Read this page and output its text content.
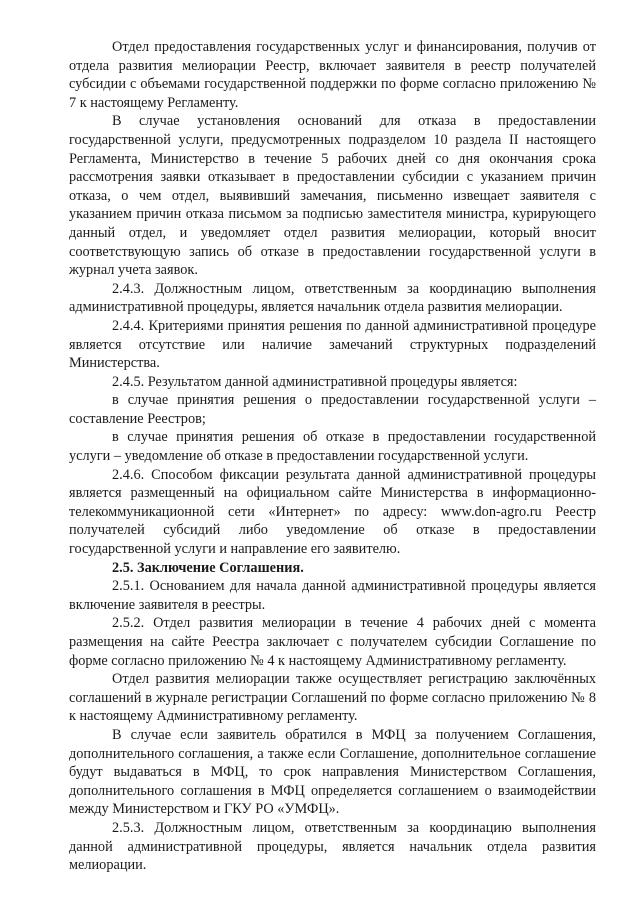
Отдел предоставления государственных услуг и финансирования, получив от отдела развития мелиорации Реестр, включает заявителя в реестр получателей субсидии с объемами государственной поддержки по форме согласно приложению № 7 к настоящему Регламенту.

В случае установления оснований для отказа в предоставлении государственной услуги, предусмотренных подразделом 10 раздела II настоящего Регламента, Министерство в течение 5 рабочих дней со дня окончания срока рассмотрения заявки отказывает в предоставлении субсидии с указанием причин отказа, о чем отдел, выявивший замечания, письменно извещает заявителя с указанием причин отказа письмом за подписью заместителя министра, курирующего данный отдел, и уведомляет отдел развития мелиорации, который вносит соответствующую запись об отказе в предоставлении государственной услуги в журнал учета заявок.

2.4.3. Должностным лицом, ответственным за координацию выполнения административной процедуры, является начальник отдела развития мелиорации.

2.4.4. Критериями принятия решения по данной административной процедуре является отсутствие или наличие замечаний структурных подразделений Министерства.

2.4.5. Результатом данной административной процедуры является:

в случае принятия решения о предоставлении государственной услуги – составление Реестров;

в случае принятия решения об отказе в предоставлении государственной услуги – уведомление об отказе в предоставлении государственной услуги.

2.4.6. Способом фиксации результата данной административной процедуры является размещенный на официальном сайте Министерства в информационно-телекоммуникационной сети «Интернет» по адресу: www.don-agro.ru Реестр получателей субсидий либо уведомление об отказе в предоставлении государственной услуги и направление его заявителю.

2.5. Заключение Соглашения.

2.5.1. Основанием для начала данной административной процедуры является включение заявителя в реестры.

2.5.2. Отдел развития мелиорации в течение 4 рабочих дней с момента размещения на сайте Реестра заключает с получателем субсидии Соглашение по форме согласно приложению № 4 к настоящему Административному регламенту.

Отдел развития мелиорации также осуществляет регистрацию заключённых соглашений в журнале регистрации Соглашений по форме согласно приложению № 8 к настоящему Административному регламенту.

В случае если заявитель обратился в МФЦ за получением Соглашения, дополнительного соглашения, а также если Соглашение, дополнительное соглашение будут выдаваться в МФЦ, то срок направления Министерством Соглашения, дополнительного соглашения в МФЦ определяется соглашением о взаимодействии между Министерством и ГКУ РО «УМФЦ».

2.5.3. Должностным лицом, ответственным за координацию выполнения данной административной процедуры, является начальник отдела развития мелиорации.
